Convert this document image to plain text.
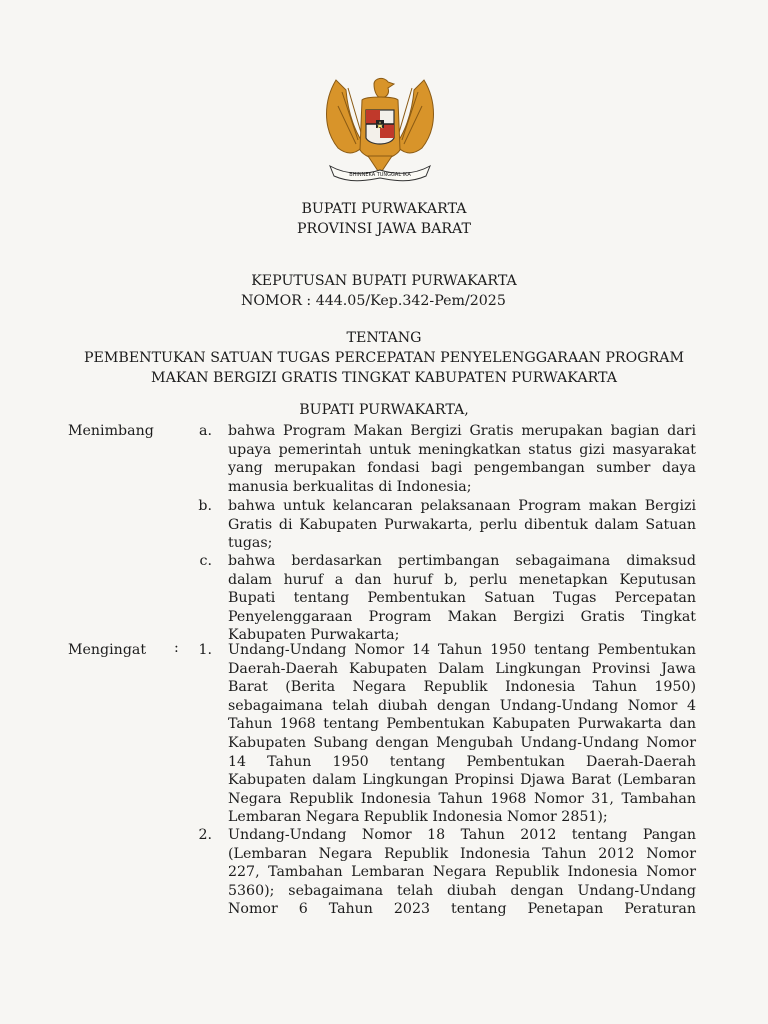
BHINNEKA TUNGGAL IKA
BUPATI PURWAKARTA
PROVINSI JAWA BARAT
KEPUTUSAN BUPATI PURWAKARTA
NOMOR : 444.05/Kep.342-Pem/2025
TENTANG
PEMBENTUKAN SATUAN TUGAS PERCEPATAN PENYELENGGARAAN PROGRAM
MAKAN BERGIZI GRATIS TINGKAT KABUPATEN PURWAKARTA
BUPATI PURWAKARTA,
Menimbang	a. bahwa Program Makan Bergizi Gratis merupakan bagian dari
upaya pemerintah untuk meningkatkan status gizi masyarakat
yang merupakan fondasi bagi pengembangan sumber daya
manusia berkualitas di Indonesia;
b. bahwa untuk kelancaran pelaksanaan Program makan Bergizi
Gratis di Kabupaten Purwakarta, perlu dibentuk dalam Satuan
tugas;
c. bahwa berdasarkan pertimbangan sebagaimana dimaksud
dalam huruf a dan huruf b, perlu menetapkan Keputusan
Bupati tentang Pembentukan Satuan Tugas Percepatan
Penyelenggaraan Program Makan Bergizi Gratis Tingkat
Kabupaten Purwakarta;
Mengingat :	1. Undang-Undang Nomor 14 Tahun 1950 tentang Pembentukan
Daerah-Daerah Kabupaten Dalam Lingkungan Provinsi Jawa
Barat (Berita Negara Republik Indonesia Tahun 1950)
sebagaimana telah diubah dengan Undang-Undang Nomor 4
Tahun 1968 tentang Pembentukan Kabupaten Purwakarta dan
Kabupaten Subang dengan Mengubah Undang-Undang Nomor
14 Tahun 1950 tentang Pembentukan Daerah-Daerah
Kabupaten dalam Lingkungan Propinsi Djawa Barat (Lembaran
Negara Republik Indonesia Tahun 1968 Nomor 31, Tambahan
Lembaran Negara Republik Indonesia Nomor 2851);
2. Undang-Undang Nomor 18 Tahun 2012 tentang Pangan
(Lembaran Negara Republik Indonesia Tahun 2012 Nomor
227, Tambahan Lembaran Negara Republik Indonesia Nomor
5360); sebagaimana telah diubah dengan Undang-Undang
Nomor 6 Tahun 2023 tentang Penetapan Peraturan
